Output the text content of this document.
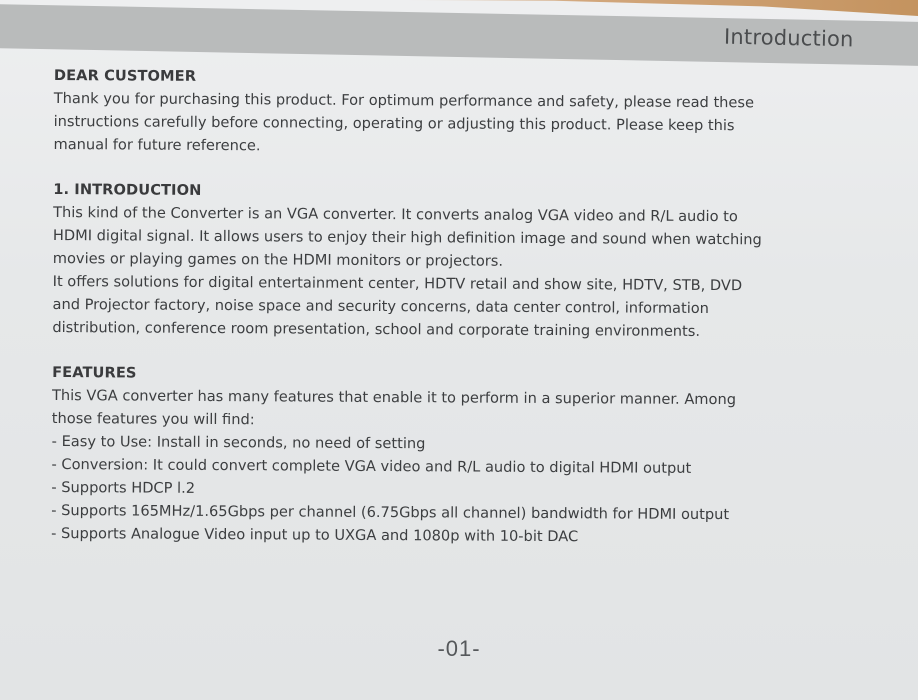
Introduction
DEAR CUSTOMER

Thank you for purchasing this product. For optimum performance and safety, please read these

instructions carefully before connecting, operating or adjusting this product. Please keep this

manual for future reference.

1. INTRODUCTION

This kind of the Converter is an VGA converter. It converts analog VGA video and R/L audio to

HDMI digital signal. It allows users to enjoy their high definition image and sound when watching

movies or playing games on the HDMI monitors or projectors.

It offers solutions for digital entertainment center, HDTV retail and show site, HDTV, STB, DVD

and Projector factory, noise space and security concerns, data center control, information

distribution, conference room presentation, school and corporate training environments.

FEATURES

This VGA converter has many features that enable it to perform in a superior manner. Among

those features you will find:

- Easy to Use: Install in seconds, no need of setting
- Conversion: It could convert complete VGA video and R/L audio to digital HDMI output
- Supports HDCP l.2
- Supports 165MHz/1.65Gbps per channel (6.75Gbps all channel) bandwidth for HDMI output
- Supports Analogue Video input up to UXGA and 1080p with 10-bit DAC
-01-
